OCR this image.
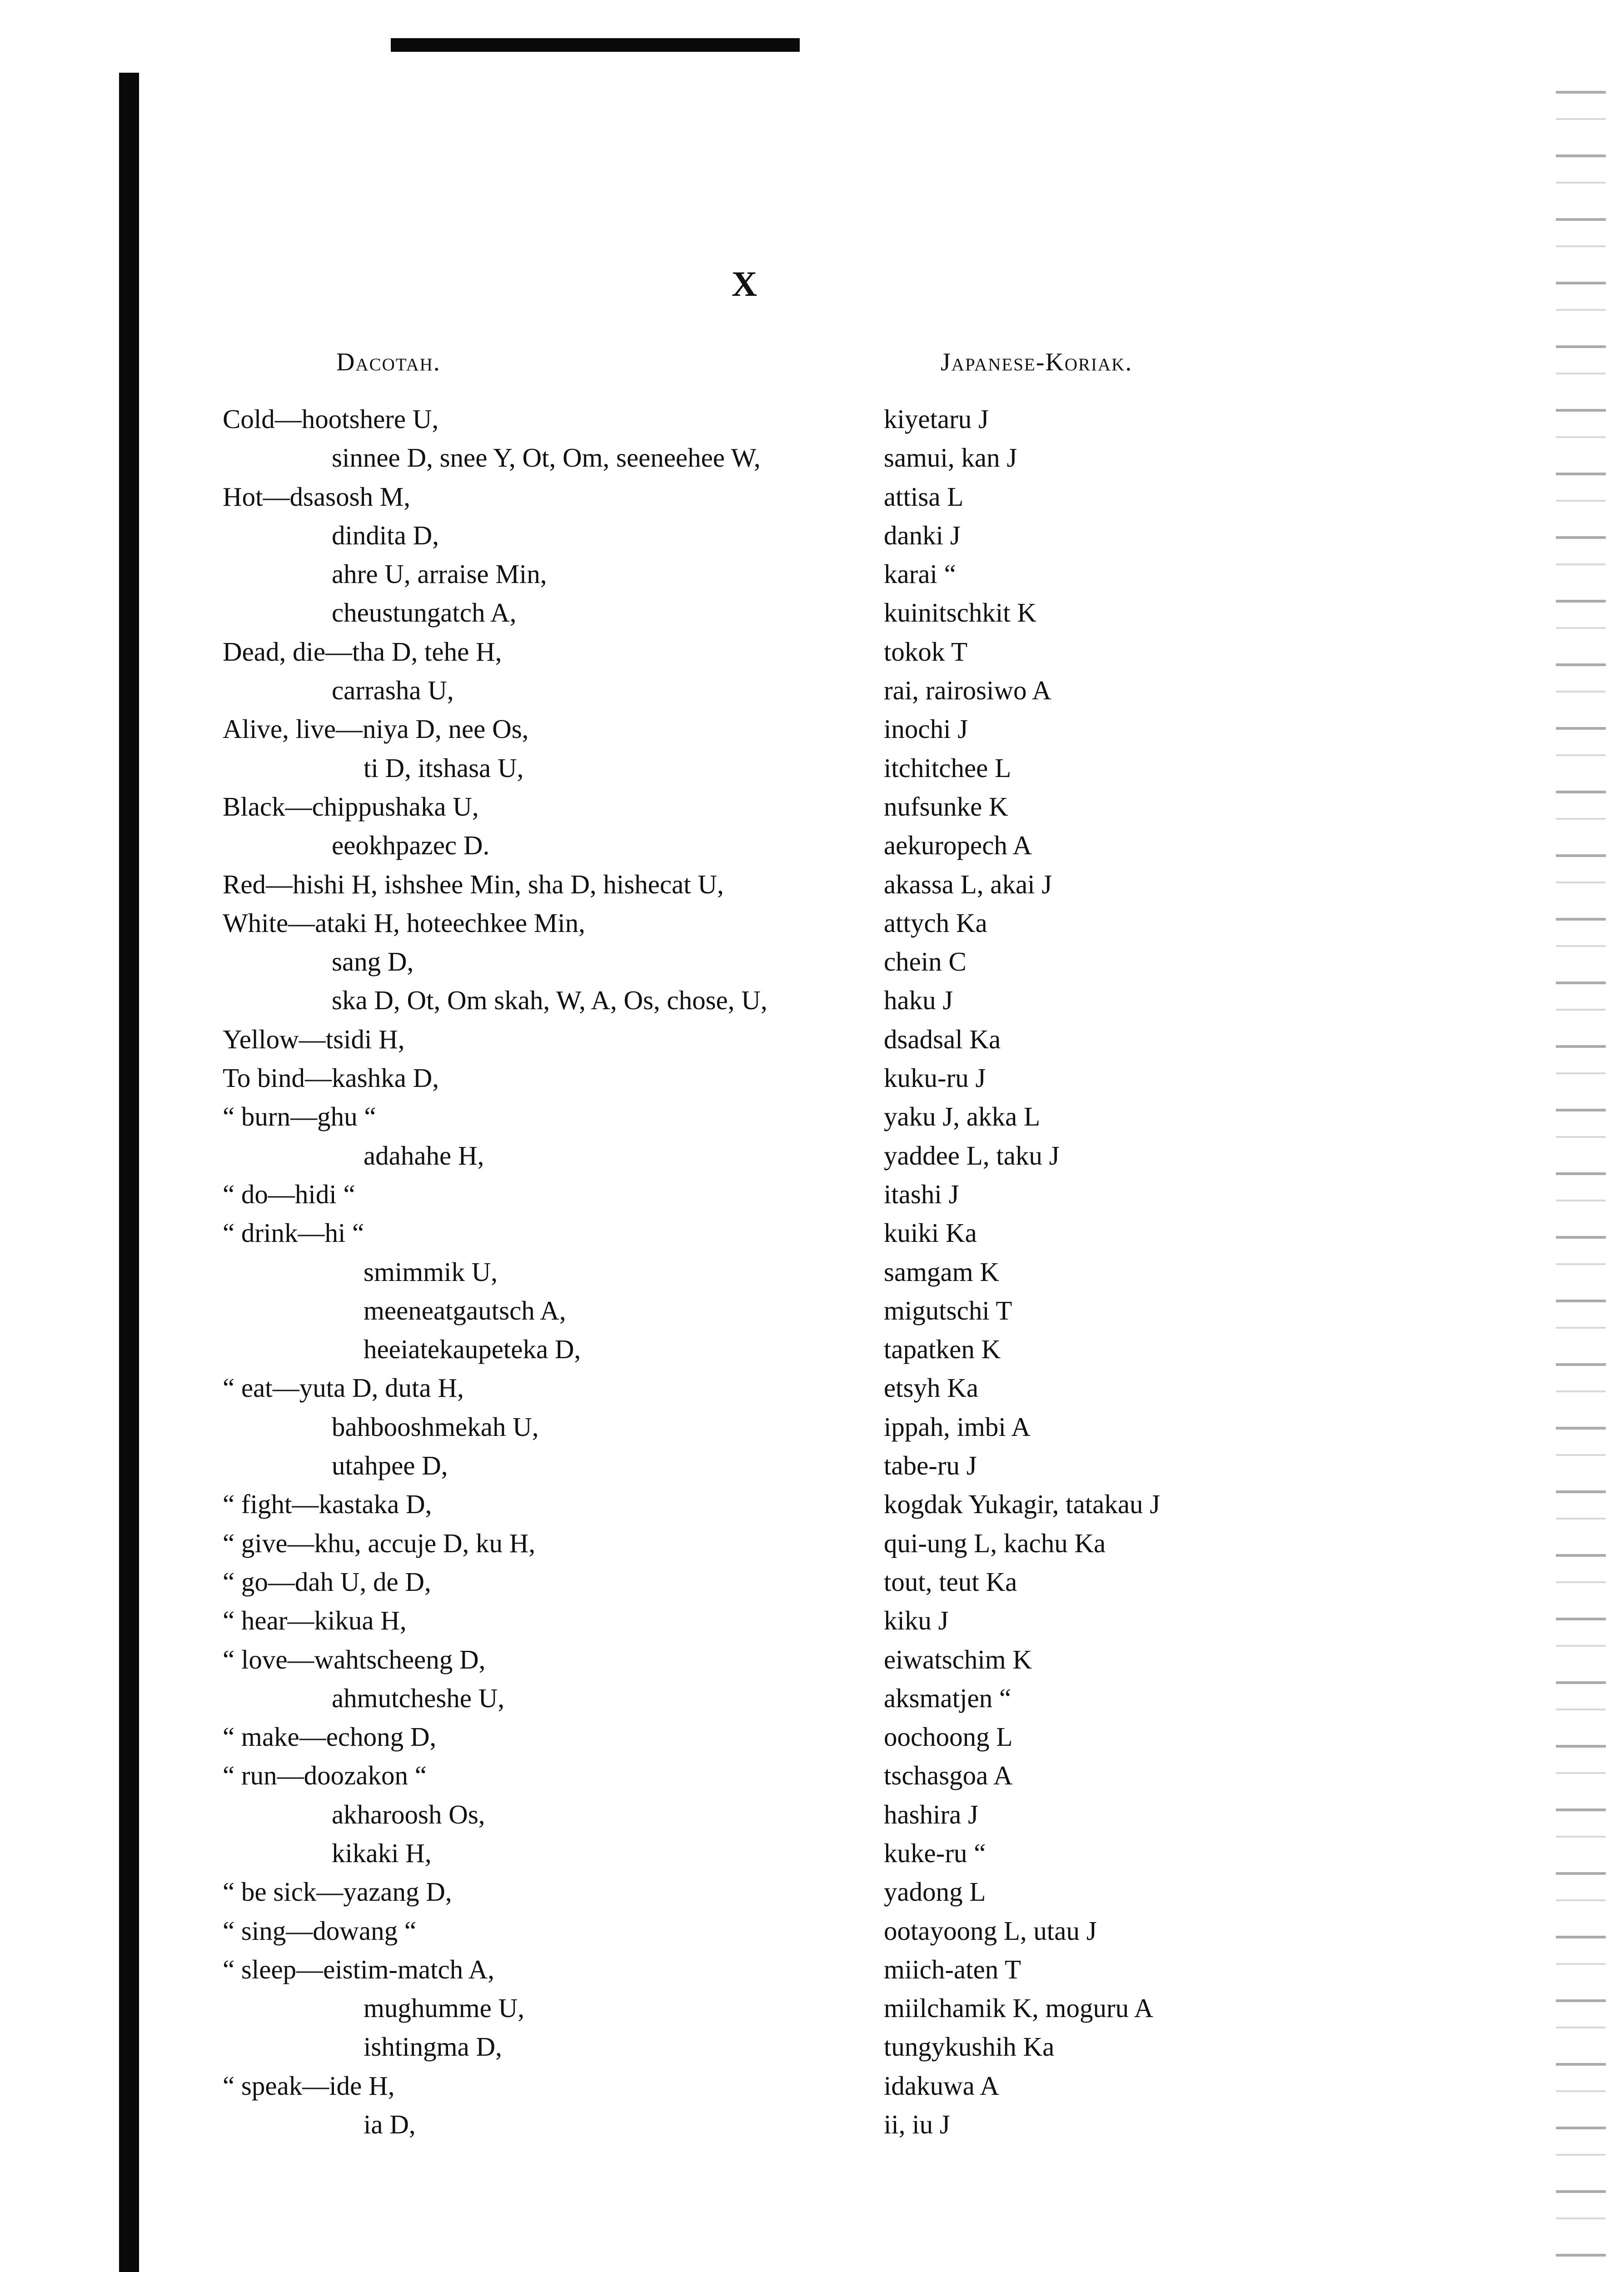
X
Dacotah.	Japanese-Koriak.
Cold—hootshere U,
sinnee D, snee Y, Ot, Om, seeneehee W,
Hot—dsasosh M,
dindita D,
ahre U, arraise Min,
cheustungatch A,
Dead, die—tha D, tehe H,
carrasha U,
Alive, live—niya D, nee Os,
ti D, itshasa U,
Black—chippushaka U,
eeokhpazec D.
Red—hishi H, ishshee Min, sha D, hishecat U,
White—ataki H, hoteechkee Min,
sang D,
ska D, Ot, Om skah, W, A, Os, chose, U,
Yellow—tsidi H,
To bind—kashka D,
“ burn—ghu “
adahahe H,
“ do—hidi “
“ drink—hi “
smimmik U,
meeneatgautsch A,
heeiatekaupeteka D,
“ eat—yuta D, duta H,
bahbooshmekah U,
utahpee D,
“ fight—kastaka D,
“ give—khu, accuje D, ku H,
“ go—dah U, de D,
“ hear—kikua H,
“ love—wahtscheeng D,
ahmutcheshe U,
“ make—echong D,
“ run—doozakon “
akharoosh Os,
kikaki H,
“ be sick—yazang D,
“ sing—dowang “
“ sleep—eistim-match A,
mughumme U,
ishtingma D,
“ speak—ide H,
ia D,
kiyetaru J
samui, kan J
attisa L
danki J
karai “
kuinitschkit K
tokok T
rai, rairosiwo A
inochi J
itchitchee L
nufsunke K
aekuropech A
akassa L, akai J
attych Ka
chein C
haku J
dsadsal Ka
kuku-ru J
yaku J, akka L
yaddee L, taku J
itashi J
kuiki Ka
samgam K
migutschi T
tapatken K
etsyh Ka
ippah, imbi A
tabe-ru J
kogdak Yukagir, tatakau J
qui-ung L, kachu Ka
tout, teut Ka
kiku J
eiwatschim K
aksmatjen “
oochoong L
tschasgoa A
hashira J
kuke-ru “
yadong L
ootayoong L, utau J
miich-aten T
miilchamik K, moguru A
tungykushih Ka
idakuwa A
ii, iu J
